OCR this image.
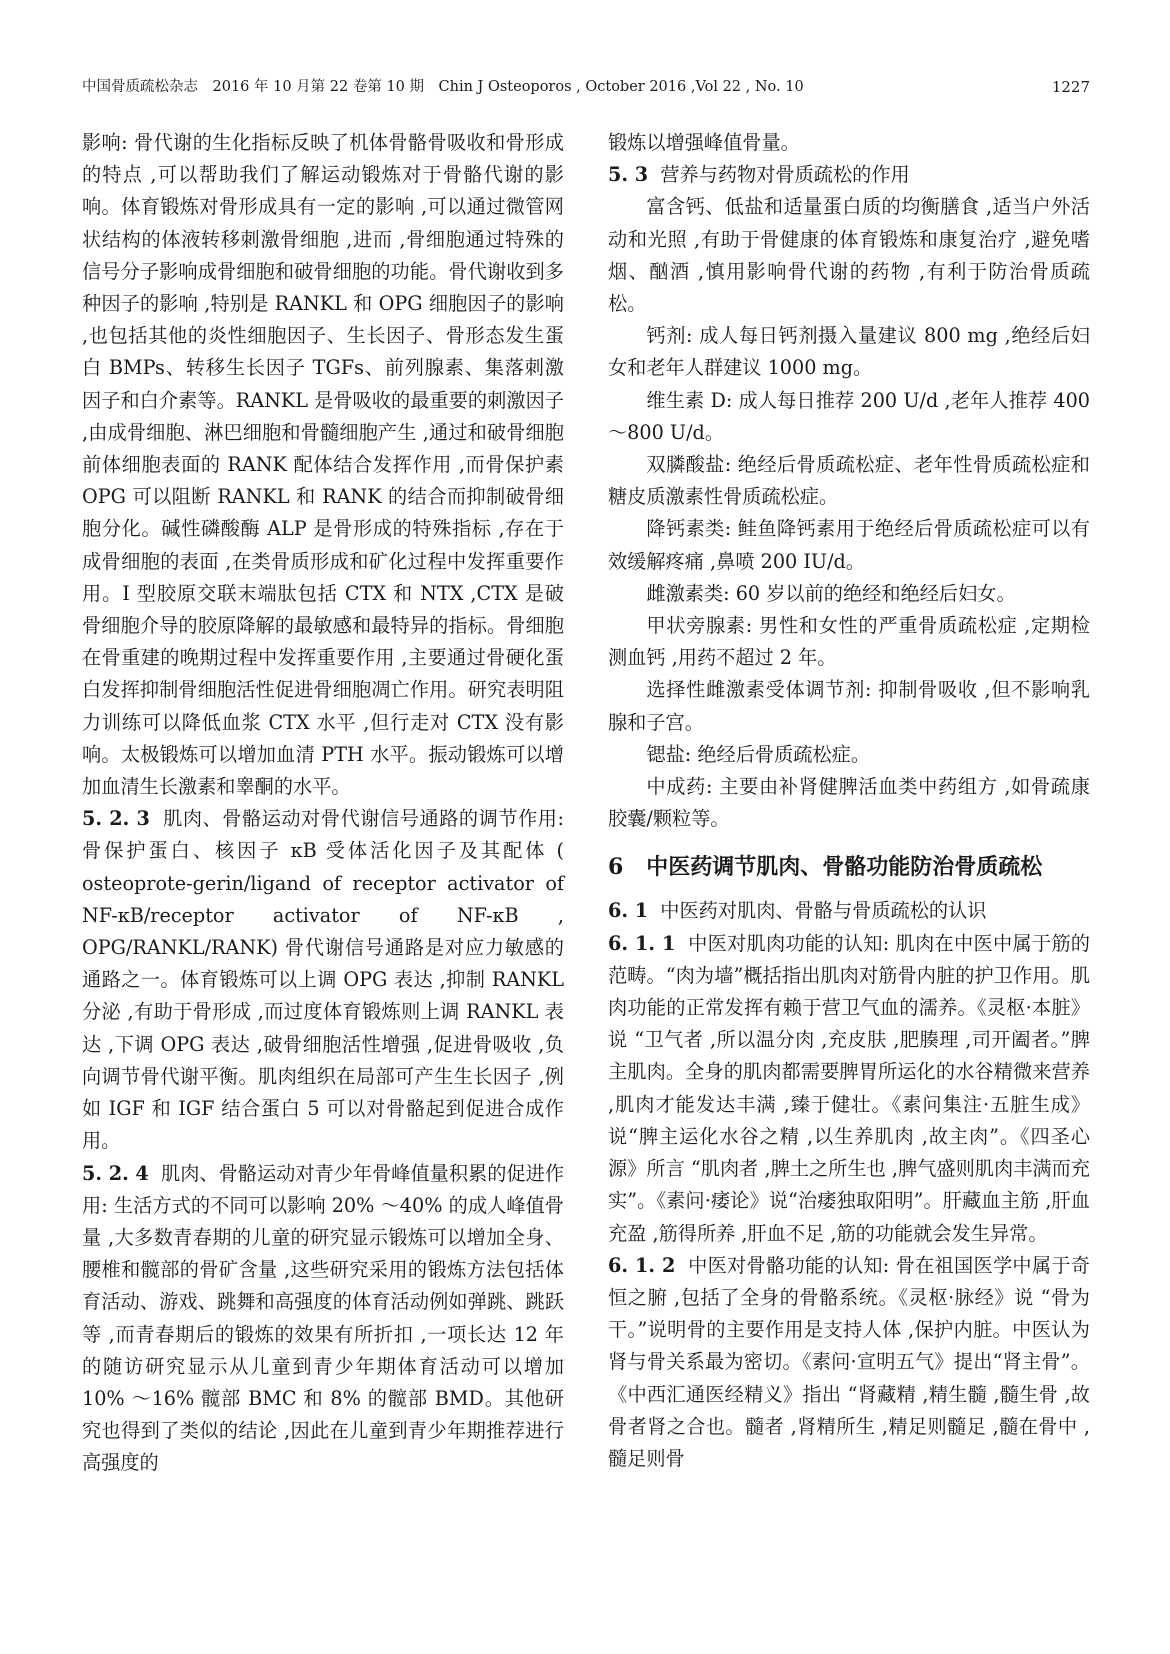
中国骨质疏松杂志　2016 年 10 月第 22 卷第 10 期　Chin J Osteoporos , October 2016 ,Vol 22 , No. 10	1227

影响: 骨代谢的生化指标反映了机体骨骼骨吸收和骨形成的特点 ,可以帮助我们了解运动锻炼对于骨骼代谢的影响。体育锻炼对骨形成具有一定的影响 ,可以通过微管网状结构的体液转移刺激骨细胞 ,进而 ,骨细胞通过特殊的信号分子影响成骨细胞和破骨细胞的功能。骨代谢收到多种因子的影响 ,特别是 RANKL 和 OPG 细胞因子的影响 ,也包括其他的炎性细胞因子、生长因子、骨形态发生蛋白 BMPs、转移生长因子 TGFs、前列腺素、集落刺激因子和白介素等。RANKL 是骨吸收的最重要的刺激因子 ,由成骨细胞、淋巴细胞和骨髓细胞产生 ,通过和破骨细胞前体细胞表面的 RANK 配体结合发挥作用 ,而骨保护素 OPG 可以阻断 RANKL 和 RANK 的结合而抑制破骨细胞分化。碱性磷酸酶 ALP 是骨形成的特殊指标 ,存在于成骨细胞的表面 ,在类骨质形成和矿化过程中发挥重要作用。I 型胶原交联末端肽包括 CTX 和 NTX ,CTX 是破骨细胞介导的胶原降解的最敏感和最特异的指标。骨细胞在骨重建的晚期过程中发挥重要作用 ,主要通过骨硬化蛋白发挥抑制骨细胞活性促进骨细胞凋亡作用。研究表明阻力训练可以降低血浆 CTX 水平 ,但行走对 CTX 没有影响。太极锻炼可以增加血清 PTH 水平。振动锻炼可以增加血清生长激素和睾酮的水平。

5. 2. 3 肌肉、骨骼运动对骨代谢信号通路的调节作用: 骨保护蛋白、核因子 κB 受体活化因子及其配体 ( osteoprote-gerin/ligand of receptor activator of NF-κB/receptor activator of NF-κB , OPG/RANKL/RANK) 骨代谢信号通路是对应力敏感的通路之一。体育锻炼可以上调 OPG 表达 ,抑制 RANKL 分泌 ,有助于骨形成 ,而过度体育锻炼则上调 RANKL 表达 ,下调 OPG 表达 ,破骨细胞活性增强 ,促进骨吸收 ,负向调节骨代谢平衡。肌肉组织在局部可产生生长因子 ,例如 IGF 和 IGF 结合蛋白 5 可以对骨骼起到促进合成作用。

5. 2. 4 肌肉、骨骼运动对青少年骨峰值量积累的促进作用: 生活方式的不同可以影响 20% ～40% 的成人峰值骨量 ,大多数青春期的儿童的研究显示锻炼可以增加全身、腰椎和髋部的骨矿含量 ,这些研究采用的锻炼方法包括体育活动、游戏、跳舞和高强度的体育活动例如弹跳、跳跃等 ,而青春期后的锻炼的效果有所折扣 ,一项长达 12 年的随访研究显示从儿童到青少年期体育活动可以增加 10% ～16% 髋部 BMC 和 8% 的髋部 BMD。其他研究也得到了类似的结论 ,因此在儿童到青少年期推荐进行高强度的

锻炼以增强峰值骨量。

5. 3 营养与药物对骨质疏松的作用

富含钙、低盐和适量蛋白质的均衡膳食 ,适当户外活动和光照 ,有助于骨健康的体育锻炼和康复治疗 ,避免嗜烟、酗酒 ,慎用影响骨代谢的药物 ,有利于防治骨质疏松。

钙剂: 成人每日钙剂摄入量建议 800 mg ,绝经后妇女和老年人群建议 1000 mg。

维生素 D: 成人每日推荐 200 U/d ,老年人推荐 400 ～800 U/d。

双膦酸盐: 绝经后骨质疏松症、老年性骨质疏松症和糖皮质激素性骨质疏松症。

降钙素类: 鲑鱼降钙素用于绝经后骨质疏松症可以有效缓解疼痛 ,鼻喷 200 IU/d。

雌激素类: 60 岁以前的绝经和绝经后妇女。

甲状旁腺素: 男性和女性的严重骨质疏松症 ,定期检测血钙 ,用药不超过 2 年。

选择性雌激素受体调节剂: 抑制骨吸收 ,但不影响乳腺和子宫。

锶盐: 绝经后骨质疏松症。

中成药: 主要由补肾健脾活血类中药组方 ,如骨疏康胶囊/颗粒等。

6 中医药调节肌肉、骨骼功能防治骨质疏松

6. 1 中医药对肌肉、骨骼与骨质疏松的认识

6. 1. 1 中医对肌肉功能的认知: 肌肉在中医中属于筋的范畴。“肉为墙”概括指出肌肉对筋骨内脏的护卫作用。肌肉功能的正常发挥有赖于营卫气血的濡养。《灵枢·本脏》说 “卫气者 ,所以温分肉 ,充皮肤 ,肥腠理 ,司开阖者。”脾主肌肉。全身的肌肉都需要脾胃所运化的水谷精微来营养 ,肌肉才能发达丰满 ,臻于健壮。《素问集注·五脏生成》说“脾主运化水谷之精 ,以生养肌肉 ,故主肉”。《四圣心源》所言 “肌肉者 ,脾土之所生也 ,脾气盛则肌肉丰满而充实”。《素问·痿论》说“治痿独取阳明”。肝藏血主筋 ,肝血充盈 ,筋得所养 ,肝血不足 ,筋的功能就会发生异常。

6. 1. 2 中医对骨骼功能的认知: 骨在祖国医学中属于奇恒之腑 ,包括了全身的骨骼系统。《灵枢·脉经》说 “骨为干。”说明骨的主要作用是支持人体 ,保护内脏。中医认为肾与骨关系最为密切。《素问·宣明五气》提出“肾主骨”。《中西汇通医经精义》指出 “肾藏精 ,精生髓 ,髓生骨 ,故骨者肾之合也。髓者 ,肾精所生 ,精足则髓足 ,髓在骨中 ,髓足则骨
